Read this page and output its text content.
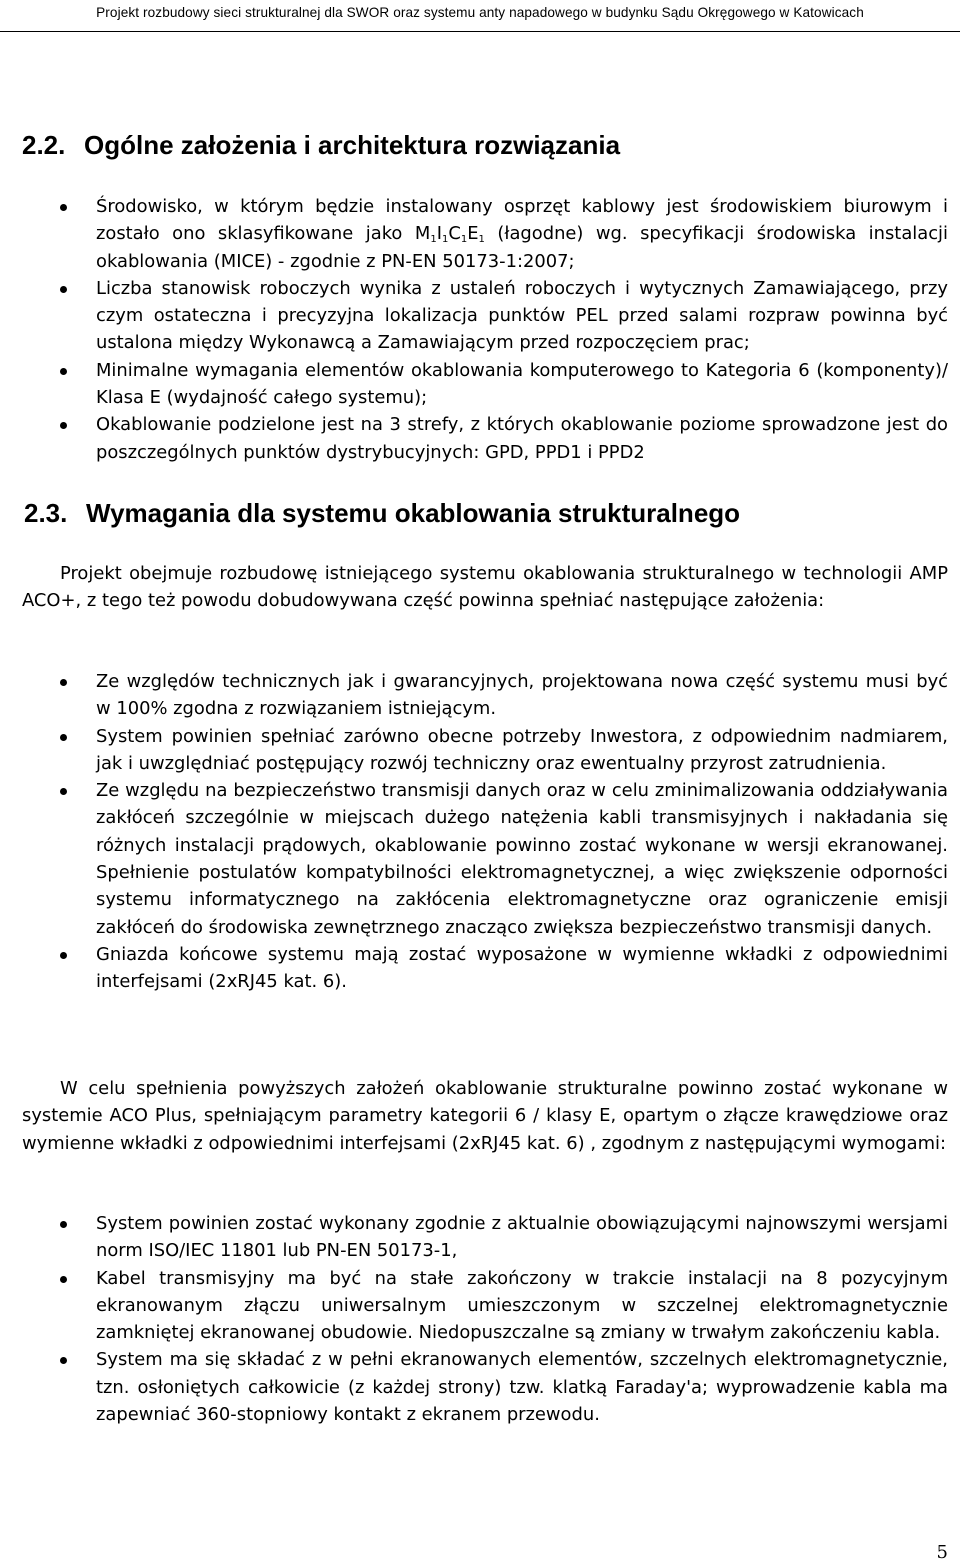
Projekt rozbudowy sieci strukturalnej dla SWOR oraz systemu anty napadowego w budynku Sądu Okręgowego w Katowicach
2.2. Ogólne założenia i architektura rozwiązania
Środowisko, w którym będzie instalowany osprzęt kablowy jest środowiskiem biurowym i zostało ono sklasyfikowane jako $M_1I_1C_1E_1$ (łagodne) wg. specyfikacji środowiska instalacji okablowania (MICE) - zgodnie z PN-EN 50173-1:2007;
Liczba stanowisk roboczych wynika z ustaleń roboczych i wytycznych Zamawiającego, przy czym ostateczna i precyzyjna lokalizacja punktów PEL przed salami rozpraw powinna być ustalona między Wykonawcą a Zamawiającym przed rozpoczęciem prac;
Minimalne wymagania elementów okablowania komputerowego to Kategoria 6 (komponenty)/ Klasa E (wydajność całego systemu);
Okablowanie podzielone jest na 3 strefy, z których okablowanie poziome sprowadzone jest do poszczególnych punktów dystrybucyjnych: GPD, PPD1 i PPD2
2.3. Wymagania dla systemu okablowania strukturalnego

Projekt obejmuje rozbudowę istniejącego systemu okablowania strukturalnego w technologii AMP ACO+, z tego też powodu dobudowywana część powinna spełniać następujące założenia:

Ze względów technicznych jak i gwarancyjnych, projektowana nowa część systemu musi być w 100% zgodna z rozwiązaniem istniejącym.
System powinien spełniać zarówno obecne potrzeby Inwestora, z odpowiednim nadmiarem, jak i uwzględniać postępujący rozwój techniczny oraz ewentualny przyrost zatrudnienia.
Ze względu na bezpieczeństwo transmisji danych oraz w celu zminimalizowania oddziaływania zakłóceń szczególnie w miejscach dużego natężenia kabli transmisyjnych i nakładania się różnych instalacji prądowych, okablowanie powinno zostać wykonane w wersji ekranowanej. Spełnienie postulatów kompatybilności elektromagnetycznej, a więc zwiększenie odporności systemu informatycznego na zakłócenia elektromagnetyczne oraz ograniczenie emisji zakłóceń do środowiska zewnętrznego znacząco zwiększa bezpieczeństwo transmisji danych.
Gniazda końcowe systemu mają zostać wyposażone w wymienne wkładki z odpowiednimi interfejsami (2xRJ45 kat. 6).

W celu spełnienia powyższych założeń okablowanie strukturalne powinno zostać wykonane w systemie ACO Plus, spełniającym parametry kategorii 6 / klasy E, opartym o złącze krawędziowe oraz wymienne wkładki z odpowiednimi interfejsami (2xRJ45 kat. 6) , zgodnym z następującymi wymogami:

System powinien zostać wykonany zgodnie z aktualnie obowiązującymi najnowszymi wersjami norm ISO/IEC 11801 lub PN-EN 50173-1,
Kabel transmisyjny ma być na stałe zakończony w trakcie instalacji na 8 pozycyjnym ekranowanym złączu uniwersalnym umieszczonym w szczelnej elektromagnetycznie zamkniętej ekranowanej obudowie. Niedopuszczalne są zmiany w trwałym zakończeniu kabla.
System ma się składać z w pełni ekranowanych elementów, szczelnych elektromagnetycznie, tzn. osłoniętych całkowicie (z każdej strony) tzw. klatką Faraday'a; wyprowadzenie kabla ma zapewniać 360-stopniowy kontakt z ekranem przewodu.
5
